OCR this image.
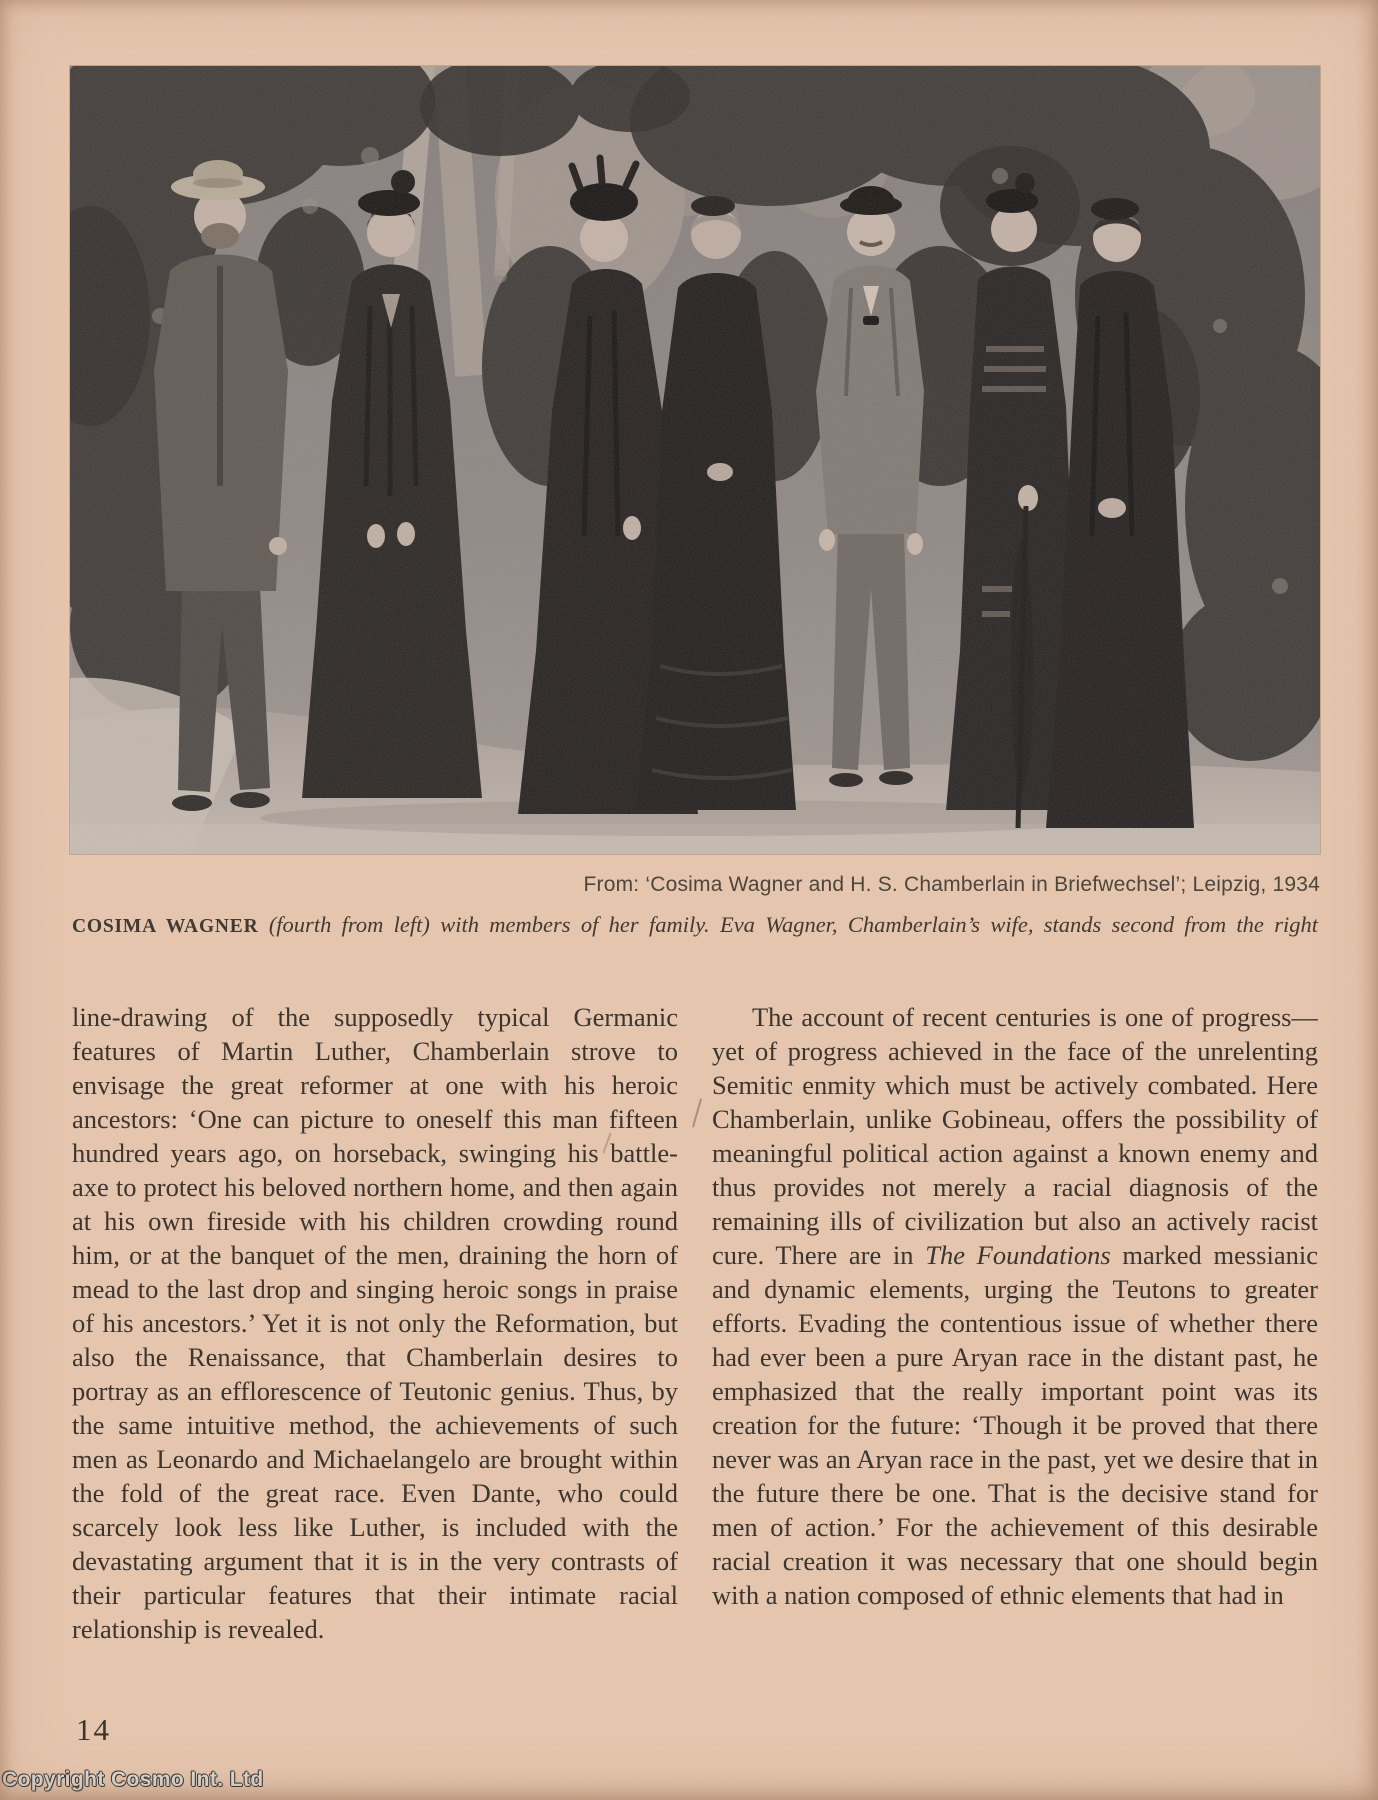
From: ‘Cosima Wagner and H. S. Chamberlain in Briefwechsel’; Leipzig, 1934
COSIMA WAGNER (fourth from left) with members of her family. Eva Wagner, Chamberlain’s wife, stands second from the right

line-drawing of the supposedly typical Germanic features of Martin Luther, Chamberlain strove to envisage the great reformer at one with his heroic ancestors: ‘One can picture to oneself this man fifteen hundred years ago, on horseback, swinging his battle-axe to protect his beloved northern home, and then again at his own fireside with his children crowding round him, or at the banquet of the men, draining the horn of mead to the last drop and singing heroic songs in praise of his ancestors.’ Yet it is not only the Reformation, but also the Renaissance, that Chamberlain desires to portray as an efflorescence of Teutonic genius. Thus, by the same intuitive method, the achievements of such men as Leonardo and Michaelangelo are brought within the fold of the great race. Even Dante, who could scarcely look less like Luther, is included with the devastating argument that it is in the very contrasts of their particular features that their intimate racial relationship is revealed.

The account of recent centuries is one of progress—yet of progress achieved in the face of the unrelenting Semitic enmity which must be actively combated. Here Chamberlain, unlike Gobineau, offers the possibility of meaningful political action against a known enemy and thus provides not merely a racial diagnosis of the remaining ills of civilization but also an actively racist cure. There are in The Foundations marked messianic and dynamic elements, urging the Teutons to greater efforts. Evading the contentious issue of whether there had ever been a pure Aryan race in the distant past, he emphasized that the really important point was its creation for the future: ‘Though it be proved that there never was an Aryan race in the past, yet we desire that in the future there be one. That is the decisive stand for men of action.’ For the achievement of this desirable racial creation it was necessary that one should begin with a nation composed of ethnic elements that had in

14
Copyright Cosmo Int. Ltd
